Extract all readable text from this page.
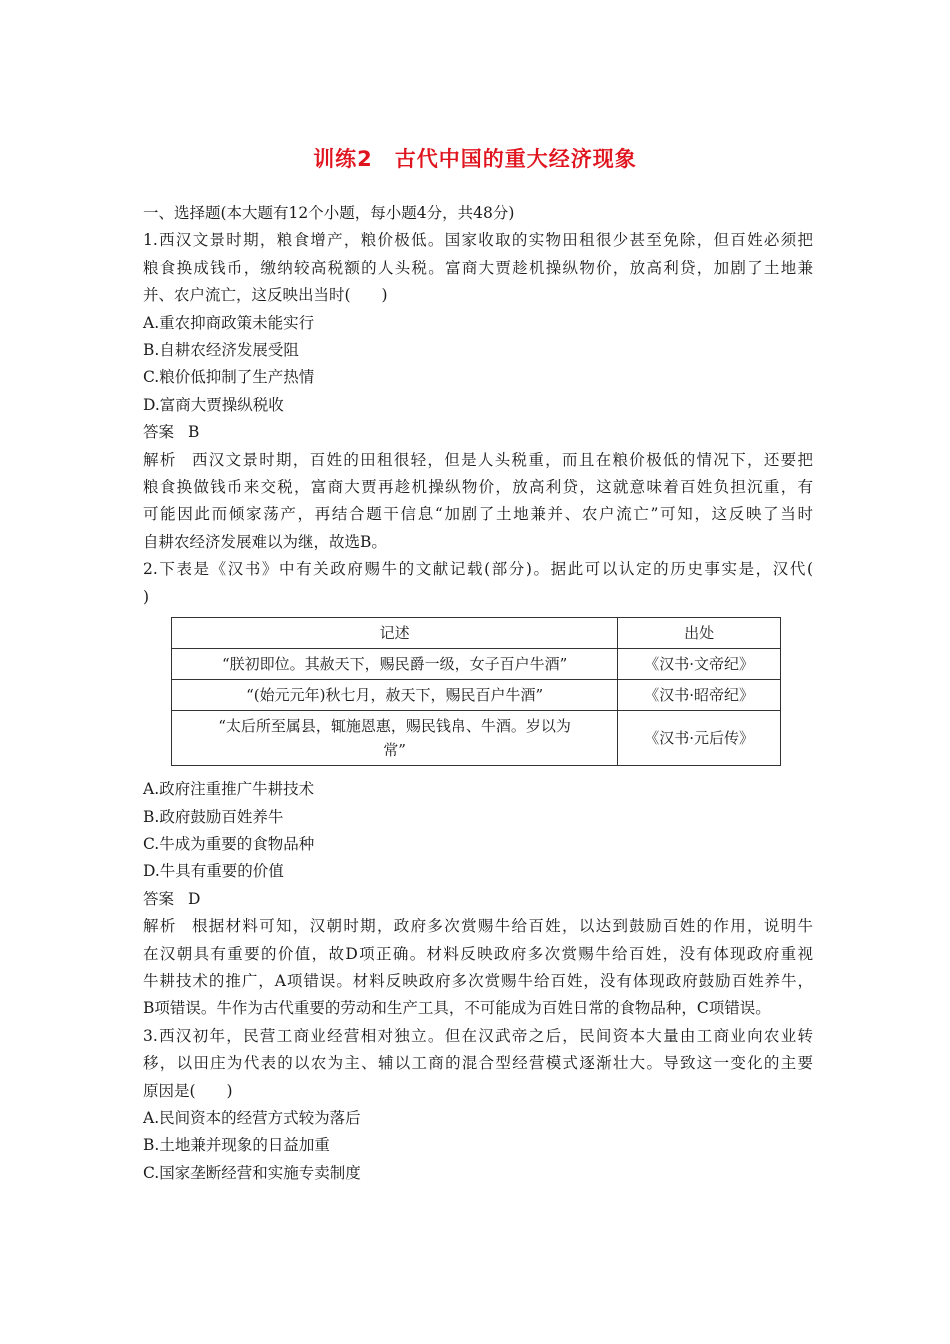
训练2　古代中国的重大经济现象
一、选择题(本大题有12个小题，每小题4分，共48分)
1.西汉文景时期，粮食增产，粮价极低。国家收取的实物田租很少甚至免除，但百姓必须把
粮食换成钱币，缴纳较高税额的人头税。富商大贾趁机操纵物价，放高利贷，加剧了土地兼
并、农户流亡，这反映出当时(　　)
A.重农抑商政策未能实行
B.自耕农经济发展受阻
C.粮价低抑制了生产热情
D.富商大贾操纵税收
答案 B
解析 西汉文景时期，百姓的田租很轻，但是人头税重，而且在粮价极低的情况下，还要把
粮食换做钱币来交税，富商大贾再趁机操纵物价，放高利贷，这就意味着百姓负担沉重，有
可能因此而倾家荡产，再结合题干信息“加剧了土地兼并、农户流亡”可知，这反映了当时
自耕农经济发展难以为继，故选B。
2.下表是《汉书》中有关政府赐牛的文献记载(部分)。据此可以认定的历史事实是，汉代(
)
记述	出处
“朕初即位。其赦天下，赐民爵一级，女子百户牛酒”	《汉书·文帝纪》
“(始元元年)秋七月，赦天下，赐民百户牛酒”	《汉书·昭帝纪》
“太后所至属县，辄施恩惠，赐民钱帛、牛酒。岁以为
常”	《汉书·元后传》
A.政府注重推广牛耕技术
B.政府鼓励百姓养牛
C.牛成为重要的食物品种
D.牛具有重要的价值
答案 D
解析 根据材料可知，汉朝时期，政府多次赏赐牛给百姓，以达到鼓励百姓的作用，说明牛
在汉朝具有重要的价值，故D项正确。材料反映政府多次赏赐牛给百姓，没有体现政府重视
牛耕技术的推广，A项错误。材料反映政府多次赏赐牛给百姓，没有体现政府鼓励百姓养牛，
B项错误。牛作为古代重要的劳动和生产工具，不可能成为百姓日常的食物品种，C项错误。
3.西汉初年，民营工商业经营相对独立。但在汉武帝之后，民间资本大量由工商业向农业转
移，以田庄为代表的以农为主、辅以工商的混合型经营模式逐渐壮大。导致这一变化的主要
原因是(　　)
A.民间资本的经营方式较为落后
B.土地兼并现象的日益加重
C.国家垄断经营和实施专卖制度
